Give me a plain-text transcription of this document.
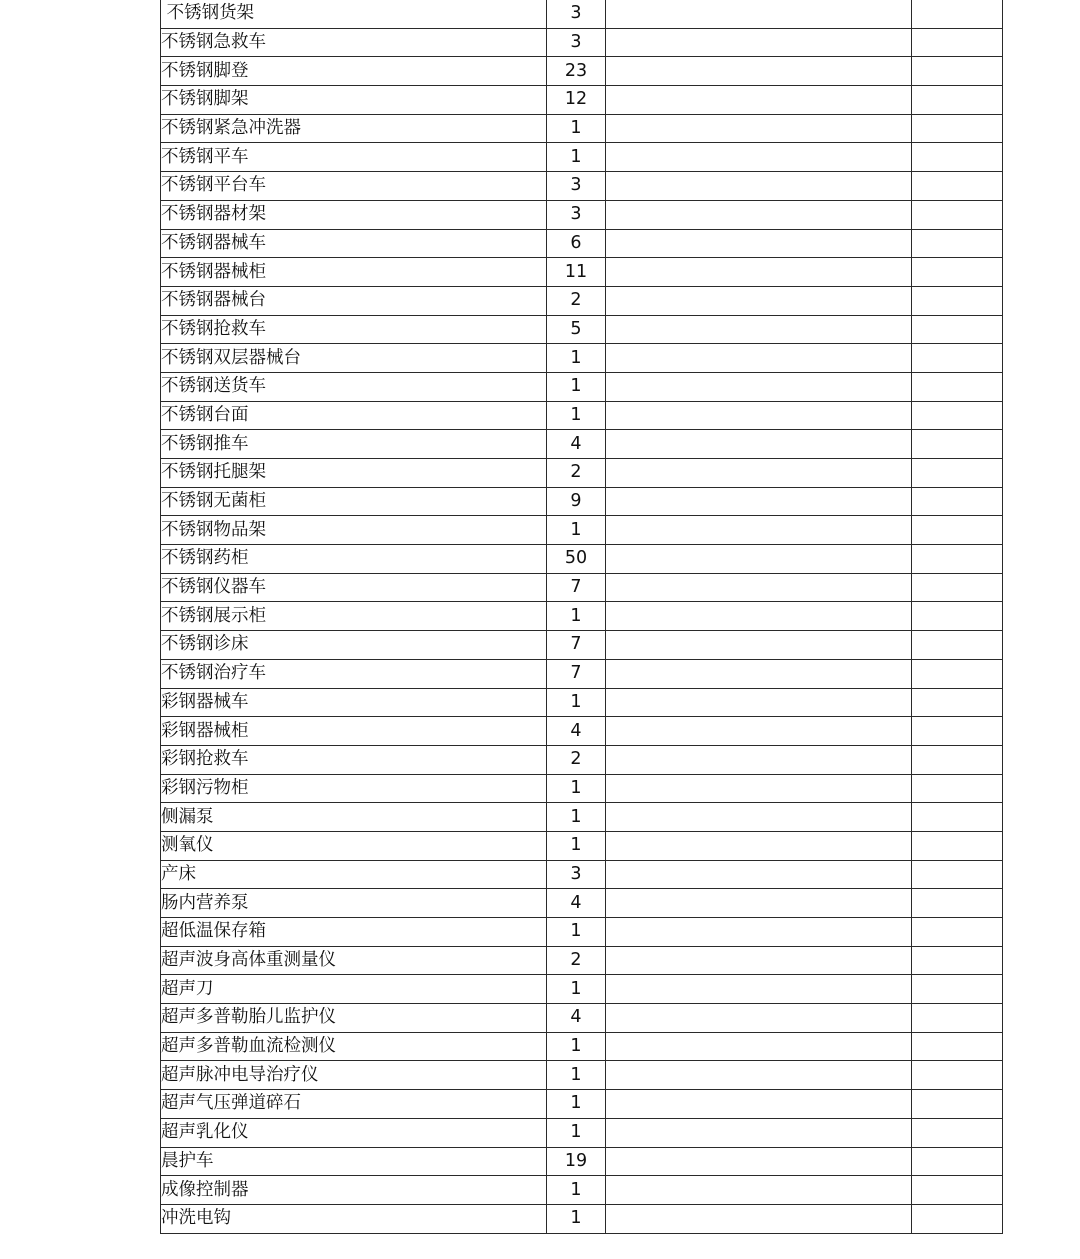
不锈钢货架	3		
不锈钢急救车	3		
不锈钢脚登	23		
不锈钢脚架	12		
不锈钢紧急冲洗器	1		
不锈钢平车	1		
不锈钢平台车	3		
不锈钢器材架	3		
不锈钢器械车	6		
不锈钢器械柜	11		
不锈钢器械台	2		
不锈钢抢救车	5		
不锈钢双层器械台	1		
不锈钢送货车	1		
不锈钢台面	1		
不锈钢推车	4		
不锈钢托腿架	2		
不锈钢无菌柜	9		
不锈钢物品架	1		
不锈钢药柜	50		
不锈钢仪器车	7		
不锈钢展示柜	1		
不锈钢诊床	7		
不锈钢治疗车	7		
彩钢器械车	1		
彩钢器械柜	4		
彩钢抢救车	2		
彩钢污物柜	1		
侧漏泵	1		
测氧仪	1		
产床	3		
肠内营养泵	4		
超低温保存箱	1		
超声波身高体重测量仪	2		
超声刀	1		
超声多普勒胎儿监护仪	4		
超声多普勒血流检测仪	1		
超声脉冲电导治疗仪	1		
超声气压弹道碎石	1		
超声乳化仪	1		
晨护车	19		
成像控制器	1		
冲洗电钩	1		
